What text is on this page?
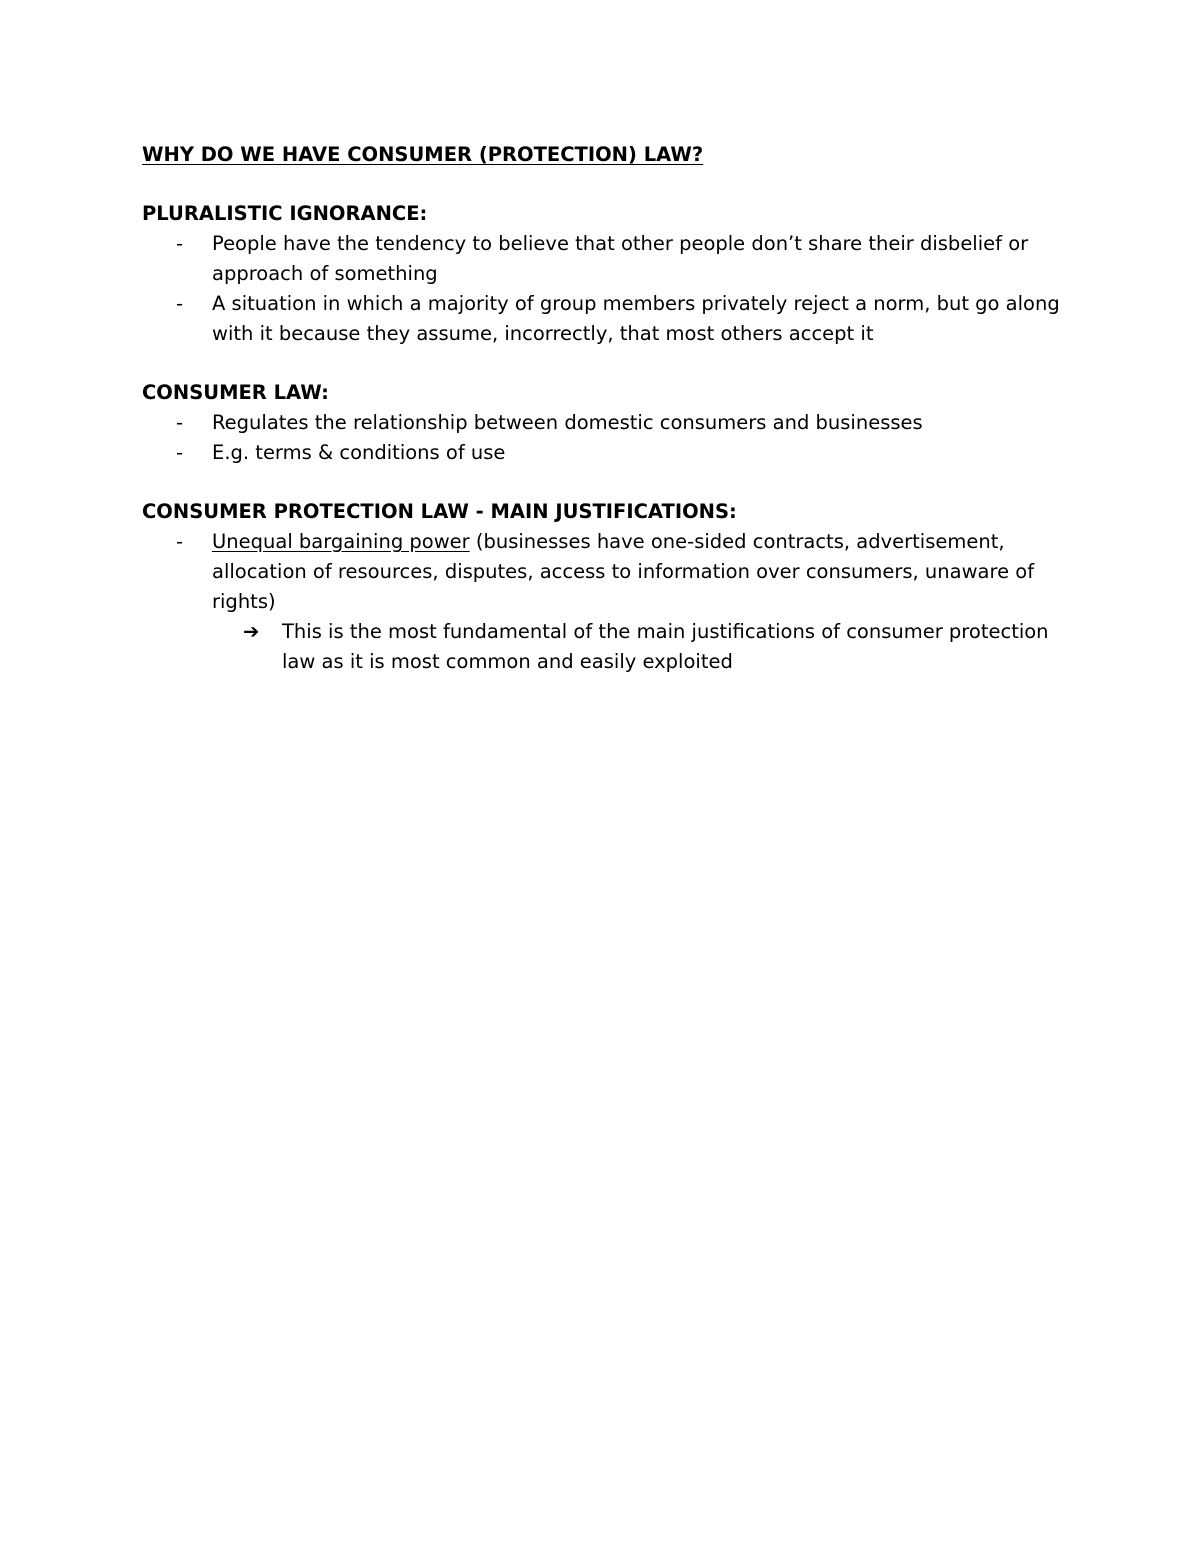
WHY DO WE HAVE CONSUMER (PROTECTION) LAW?

PLURALISTIC IGNORANCE:

- People have the tendency to believe that other people don’t share their disbelief or approach of something
- A situation in which a majority of group members privately reject a norm, but go along with it because they assume, incorrectly, that most others accept it

CONSUMER LAW:

- Regulates the relationship between domestic consumers and businesses
- E.g. terms & conditions of use

CONSUMER PROTECTION LAW - MAIN JUSTIFICATIONS:

- Unequal bargaining power (businesses have one-sided contracts, advertisement, allocation of resources, disputes, access to information over consumers, unaware of rights)
➔ This is the most fundamental of the main justifications of consumer protection law as it is most common and easily exploited
